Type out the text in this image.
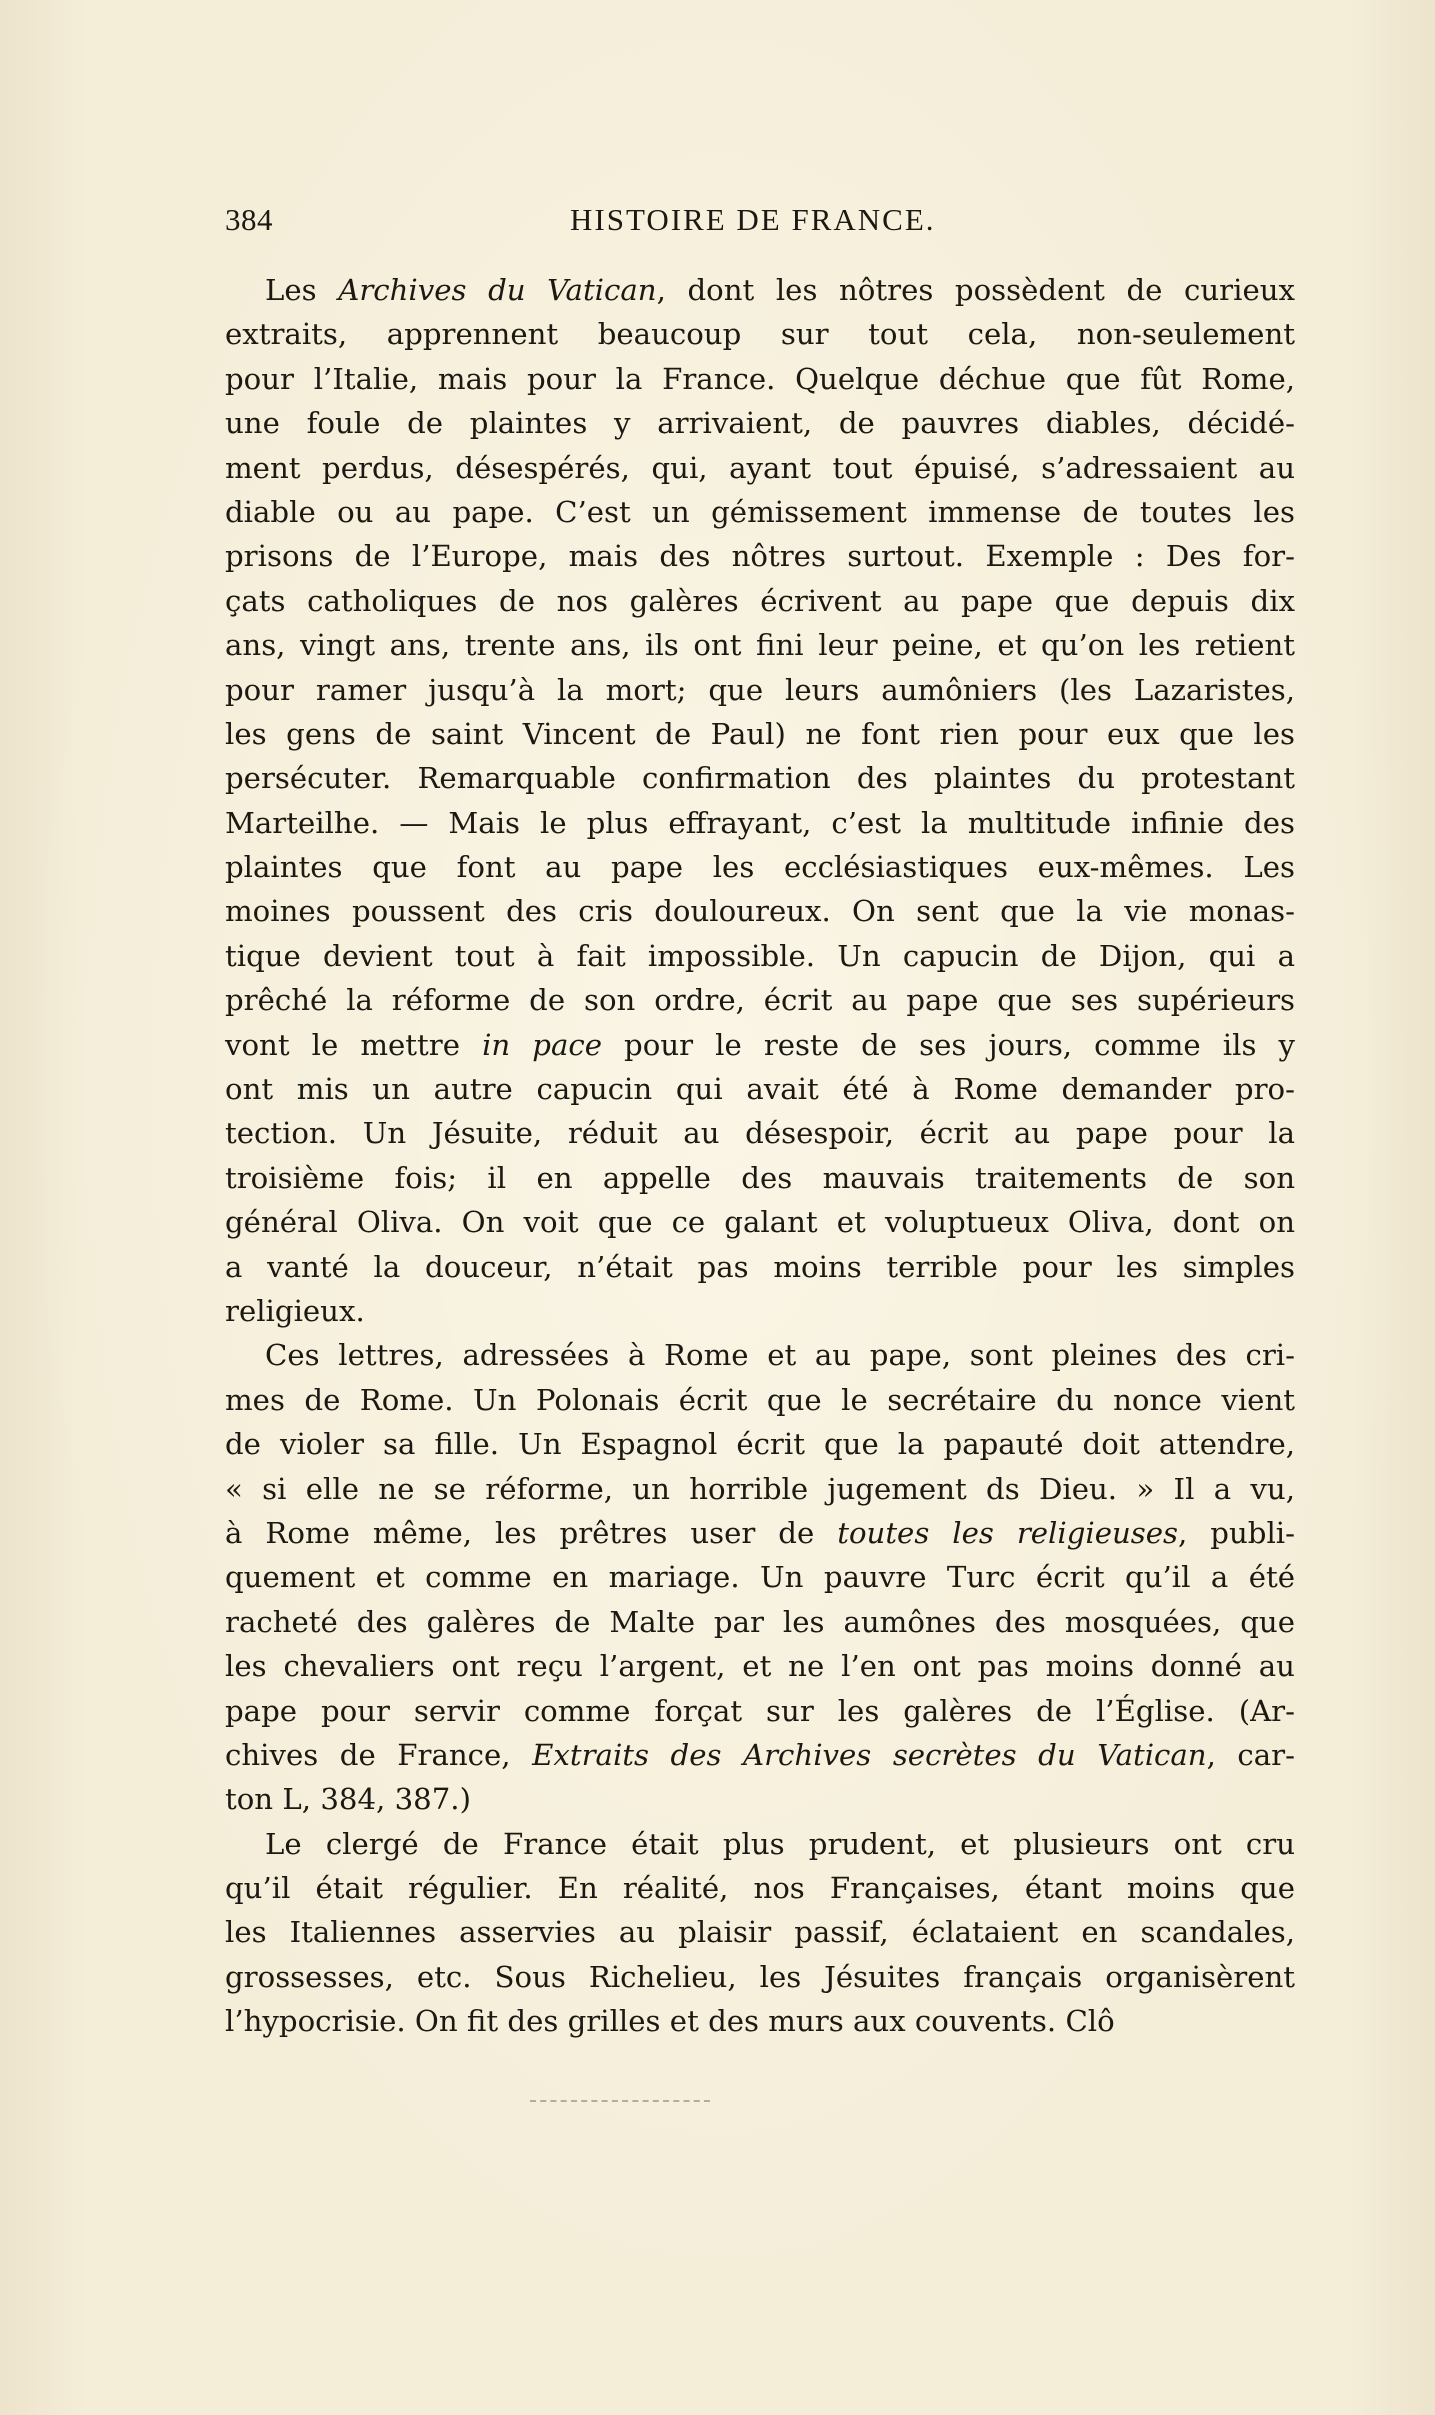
384	HISTOIRE DE FRANCE.
Les Archives du Vatican, dont les nôtres possèdent de curieux
extraits, apprennent beaucoup sur tout cela, non-seulement
pour l’Italie, mais pour la France. Quelque déchue que fût Rome,
une foule de plaintes y arrivaient, de pauvres diables, décidé-
ment perdus, désespérés, qui, ayant tout épuisé, s’adressaient au
diable ou au pape. C’est un gémissement immense de toutes les
prisons de l’Europe, mais des nôtres surtout. Exemple : Des for-
çats catholiques de nos galères écrivent au pape que depuis dix
ans, vingt ans, trente ans, ils ont fini leur peine, et qu’on les retient
pour ramer jusqu’à la mort; que leurs aumôniers (les Lazaristes,
les gens de saint Vincent de Paul) ne font rien pour eux que les
persécuter. Remarquable confirmation des plaintes du protestant
Marteilhe. — Mais le plus effrayant, c’est la multitude infinie des
plaintes que font au pape les ecclésiastiques eux-mêmes. Les
moines poussent des cris douloureux. On sent que la vie monas-
tique devient tout à fait impossible. Un capucin de Dijon, qui a
prêché la réforme de son ordre, écrit au pape que ses supérieurs
vont le mettre in pace pour le reste de ses jours, comme ils y
ont mis un autre capucin qui avait été à Rome demander pro-
tection. Un Jésuite, réduit au désespoir, écrit au pape pour la
troisième fois; il en appelle des mauvais traitements de son
général Oliva. On voit que ce galant et voluptueux Oliva, dont on
a vanté la douceur, n’était pas moins terrible pour les simples
religieux.
Ces lettres, adressées à Rome et au pape, sont pleines des cri-
mes de Rome. Un Polonais écrit que le secrétaire du nonce vient
de violer sa fille. Un Espagnol écrit que la papauté doit attendre,
« si elle ne se réforme, un horrible jugement ds Dieu. » Il a vu,
à Rome même, les prêtres user de toutes les religieuses, publi-
quement et comme en mariage. Un pauvre Turc écrit qu’il a été
racheté des galères de Malte par les aumônes des mosquées, que
les chevaliers ont reçu l’argent, et ne l’en ont pas moins donné au
pape pour servir comme forçat sur les galères de l’Église. (Ar-
chives de France, Extraits des Archives secrètes du Vatican, car-
ton L, 384, 387.)
Le clergé de France était plus prudent, et plusieurs ont cru
qu’il était régulier. En réalité, nos Françaises, étant moins que
les Italiennes asservies au plaisir passif, éclataient en scandales,
grossesses, etc. Sous Richelieu, les Jésuites français organisèrent
l’hypocrisie. On fit des grilles et des murs aux couvents. Clô
